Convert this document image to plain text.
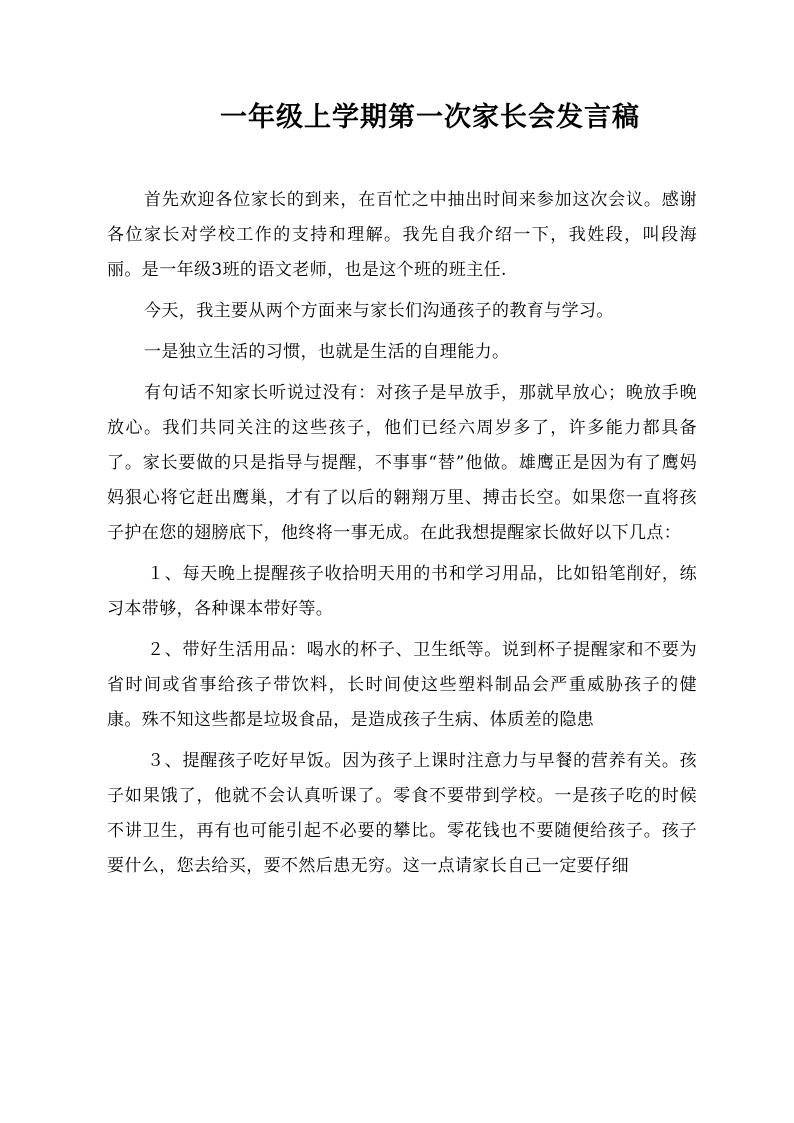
一年级上学期第一次家长会发言稿

首先欢迎各位家长的到来，在百忙之中抽出时间来参加这次会议。感谢各位家长对学校工作的支持和理解。我先自我介绍一下，我姓段，叫段海丽。是一年级3班的语文老师，也是这个班的班主任.

今天，我主要从两个方面来与家长们沟通孩子的教育与学习。

一是独立生活的习惯，也就是生活的自理能力。

有句话不知家长听说过没有：对孩子是早放手，那就早放心；晚放手晚放心。我们共同关注的这些孩子，他们已经六周岁多了，许多能力都具备了。家长要做的只是指导与提醒，不事事“替”他做。雄鹰正是因为有了鹰妈妈狠心将它赶出鹰巢，才有了以后的翱翔万里、搏击长空。如果您一直将孩子护在您的翅膀底下，他终将一事无成。在此我想提醒家长做好以下几点：

１、每天晚上提醒孩子收拾明天用的书和学习用品，比如铅笔削好，练习本带够，各种课本带好等。

２、带好生活用品：喝水的杯子、卫生纸等。说到杯子提醒家和不要为省时间或省事给孩子带饮料，长时间使这些塑料制品会严重威胁孩子的健康。殊不知这些都是垃圾食品，是造成孩子生病、体质差的隐患

３、提醒孩子吃好早饭。因为孩子上课时注意力与早餐的营养有关。孩子如果饿了，他就不会认真听课了。零食不要带到学校。一是孩子吃的时候不讲卫生，再有也可能引起不必要的攀比。零花钱也不要随便给孩子。孩子要什么，您去给买，要不然后患无穷。这一点请家长自己一定要仔细
